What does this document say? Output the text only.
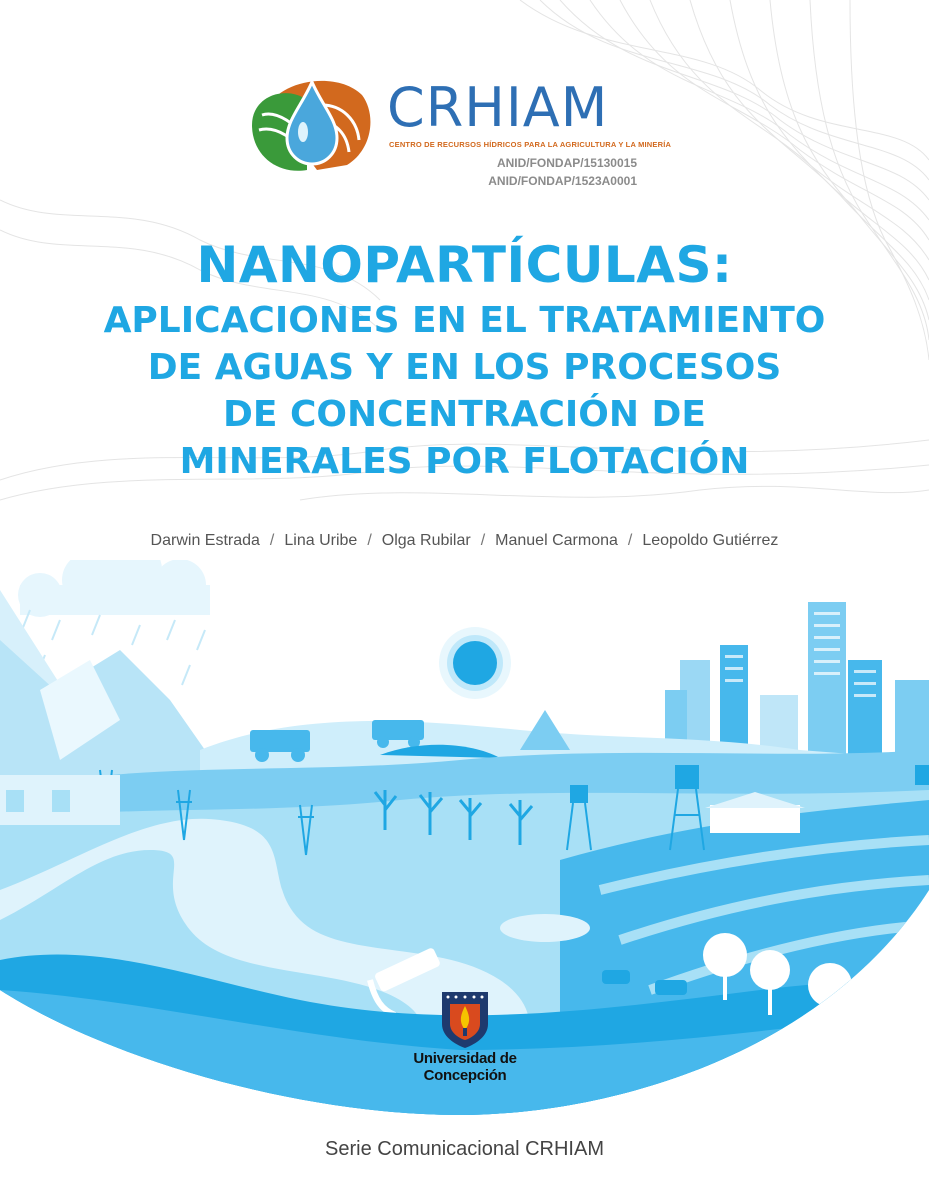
CRHIAM
CENTRO DE RECURSOS HÍDRICOS PARA LA AGRICULTURA Y LA MINERÍA
ANID/FONDAP/15130015
ANID/FONDAP/1523A0001
NANOPARTÍCULAS:
APLICACIONES EN EL TRATAMIENTO
DE AGUAS Y EN LOS PROCESOS
DE CONCENTRACIÓN DE
MINERALES POR FLOTACIÓN
Darwin Estrada / Lina Uribe / Olga Rubilar / Manuel Carmona / Leopoldo Gutiérrez
Universidad de Concepción
Serie Comunicacional CRHIAM
